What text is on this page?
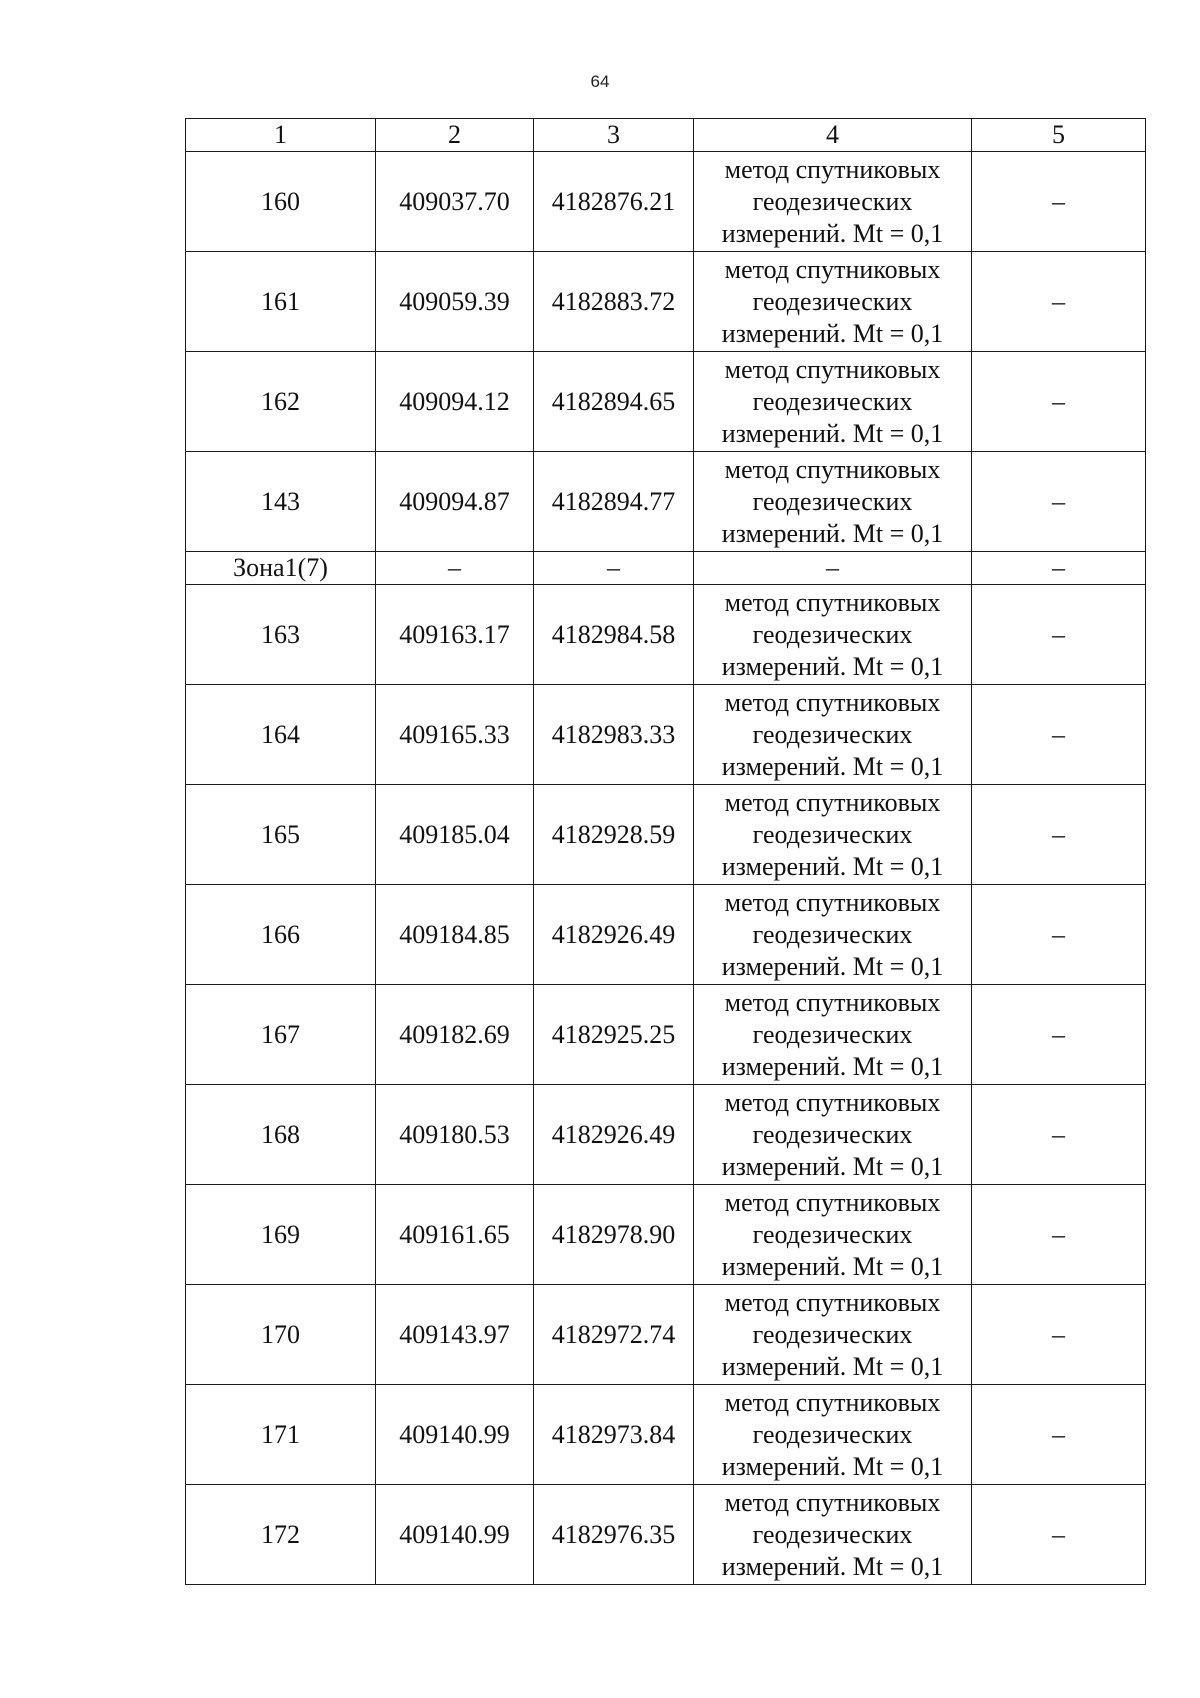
64
1	2	3	4	5
160	409037.70	4182876.21	метод спутниковых
геодезических
измерений. Mt = 0,1	–
161	409059.39	4182883.72	метод спутниковых
геодезических
измерений. Mt = 0,1	–
162	409094.12	4182894.65	метод спутниковых
геодезических
измерений. Mt = 0,1	–
143	409094.87	4182894.77	метод спутниковых
геодезических
измерений. Mt = 0,1	–
Зона1(7)	–	–	–	–
163	409163.17	4182984.58	метод спутниковых
геодезических
измерений. Mt = 0,1	–
164	409165.33	4182983.33	метод спутниковых
геодезических
измерений. Mt = 0,1	–
165	409185.04	4182928.59	метод спутниковых
геодезических
измерений. Mt = 0,1	–
166	409184.85	4182926.49	метод спутниковых
геодезических
измерений. Mt = 0,1	–
167	409182.69	4182925.25	метод спутниковых
геодезических
измерений. Mt = 0,1	–
168	409180.53	4182926.49	метод спутниковых
геодезических
измерений. Mt = 0,1	–
169	409161.65	4182978.90	метод спутниковых
геодезических
измерений. Mt = 0,1	–
170	409143.97	4182972.74	метод спутниковых
геодезических
измерений. Mt = 0,1	–
171	409140.99	4182973.84	метод спутниковых
геодезических
измерений. Mt = 0,1	–
172	409140.99	4182976.35	метод спутниковых
геодезических
измерений. Mt = 0,1	–
